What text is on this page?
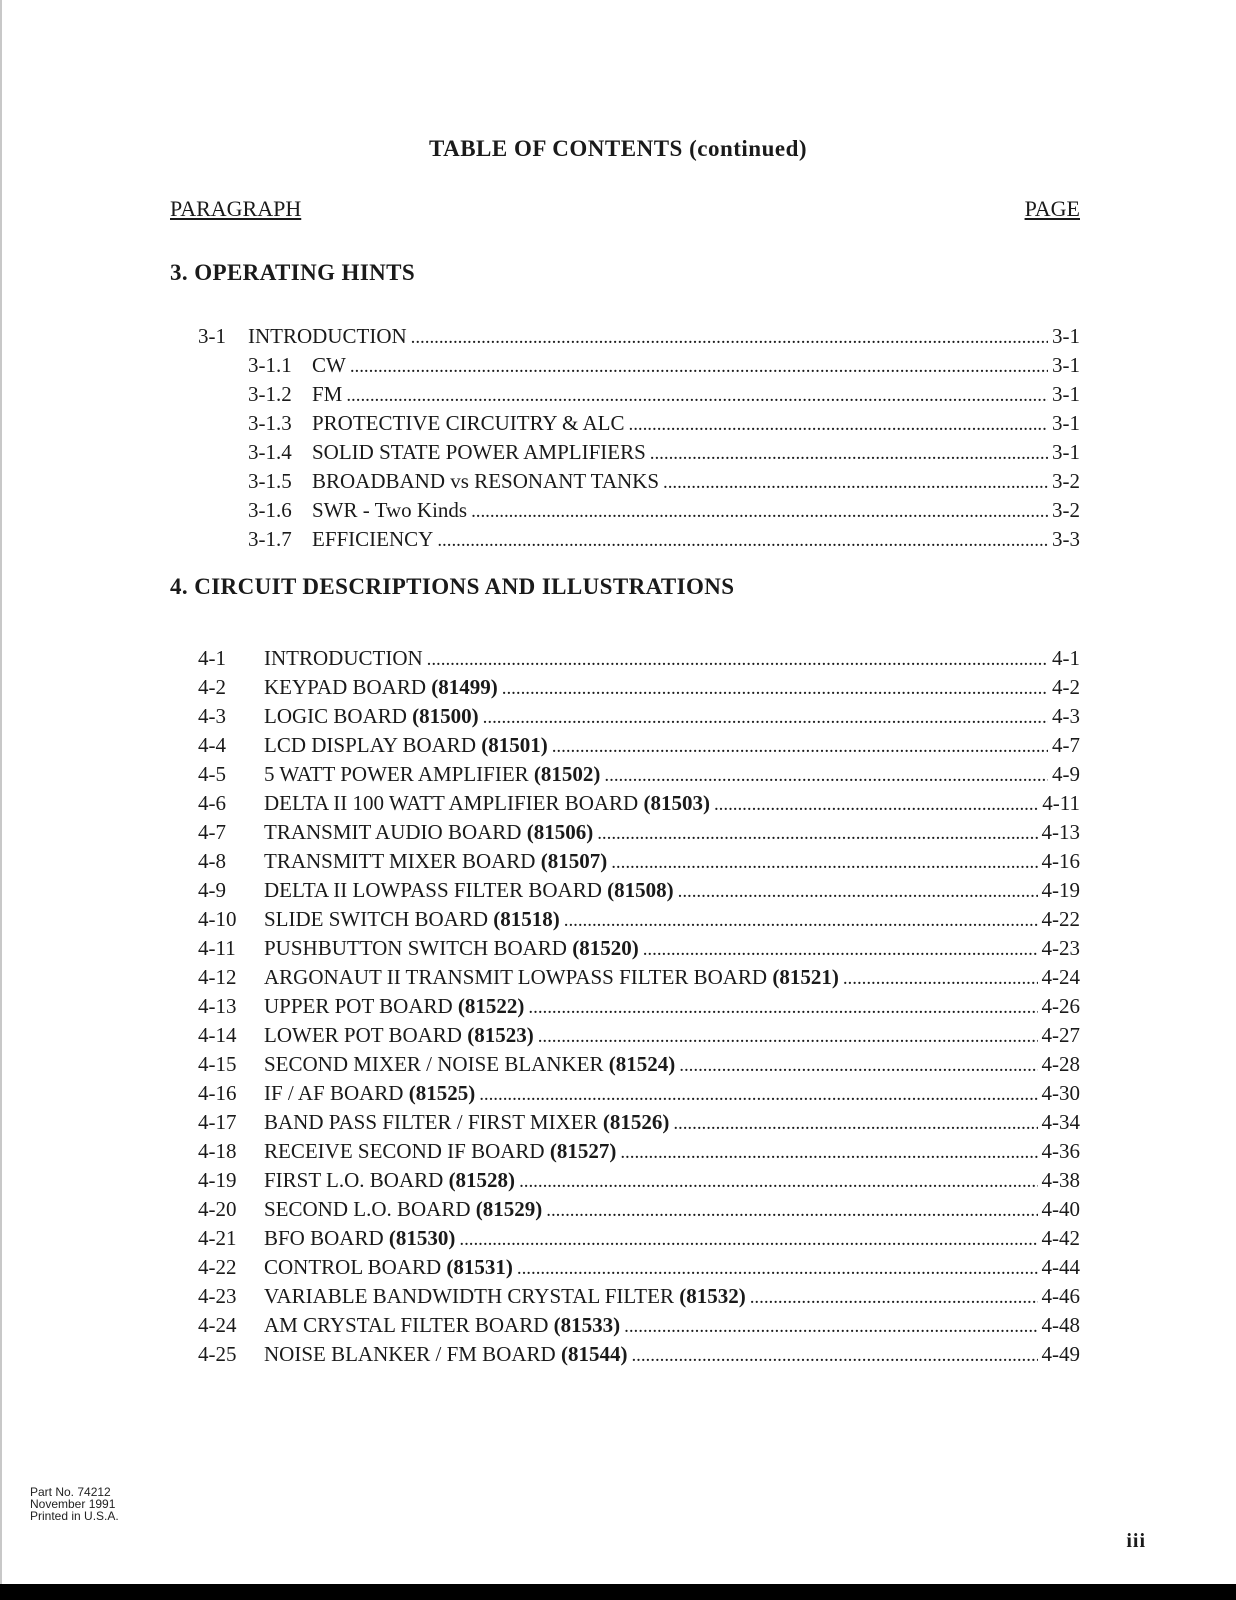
TABLE OF CONTENTS (continued)
PARAGRAPH	PAGE
3. OPERATING HINTS
3-1	INTRODUCTION . . .	3-1
3-1.1 CW . . .	3-1
3-1.2 FM . . .	3-1
3-1.3 PROTECTIVE CIRCUITRY & ALC . . .	3-1
3-1.4 SOLID STATE POWER AMPLIFIERS . . .	3-1
3-1.5 BROADBAND vs RESONANT TANKS . . .	3-2
3-1.6 SWR - Two Kinds . . .	3-2
3-1.7 EFFICIENCY . . .	3-3
4. CIRCUIT DESCRIPTIONS AND ILLUSTRATIONS
4-1	INTRODUCTION . . .	4-1
4-2	KEYPAD BOARD (81499) . . .	4-2
4-3	LOGIC BOARD (81500) . . .	4-3
4-4	LCD DISPLAY BOARD (81501) . . .	4-7
4-5	5 WATT POWER AMPLIFIER (81502) . . .	4-9
4-6	DELTA II 100 WATT AMPLIFIER BOARD (81503) . . .	4-11
4-7	TRANSMIT AUDIO BOARD (81506) . . .	4-13
4-8	TRANSMITT MIXER BOARD (81507) . . .	4-16
4-9	DELTA II LOWPASS FILTER BOARD (81508) . . .	4-19
4-10	SLIDE SWITCH BOARD (81518) . . .	4-22
4-11	PUSHBUTTON SWITCH BOARD (81520) . . .	4-23
4-12	ARGONAUT II TRANSMIT LOWPASS FILTER BOARD (81521) . . .	4-24
4-13	UPPER POT BOARD (81522) . . .	4-26
4-14	LOWER POT BOARD (81523) . . .	4-27
4-15	SECOND MIXER / NOISE BLANKER (81524) . . .	4-28
4-16	IF / AF BOARD (81525) . . .	4-30
4-17	BAND PASS FILTER / FIRST MIXER (81526) . . .	4-34
4-18	RECEIVE SECOND IF BOARD (81527) . . .	4-36
4-19	FIRST L.O. BOARD (81528) . . .	4-38
4-20	SECOND L.O. BOARD (81529) . . .	4-40
4-21	BFO BOARD (81530) . . .	4-42
4-22	CONTROL BOARD (81531) . . .	4-44
4-23	VARIABLE BANDWIDTH CRYSTAL FILTER (81532) . . .	4-46
4-24	AM CRYSTAL FILTER BOARD (81533) . . .	4-48
4-25	NOISE BLANKER / FM BOARD (81544) . . .	4-49
Part No. 74212
November 1991
Printed in U.S.A.
iii
